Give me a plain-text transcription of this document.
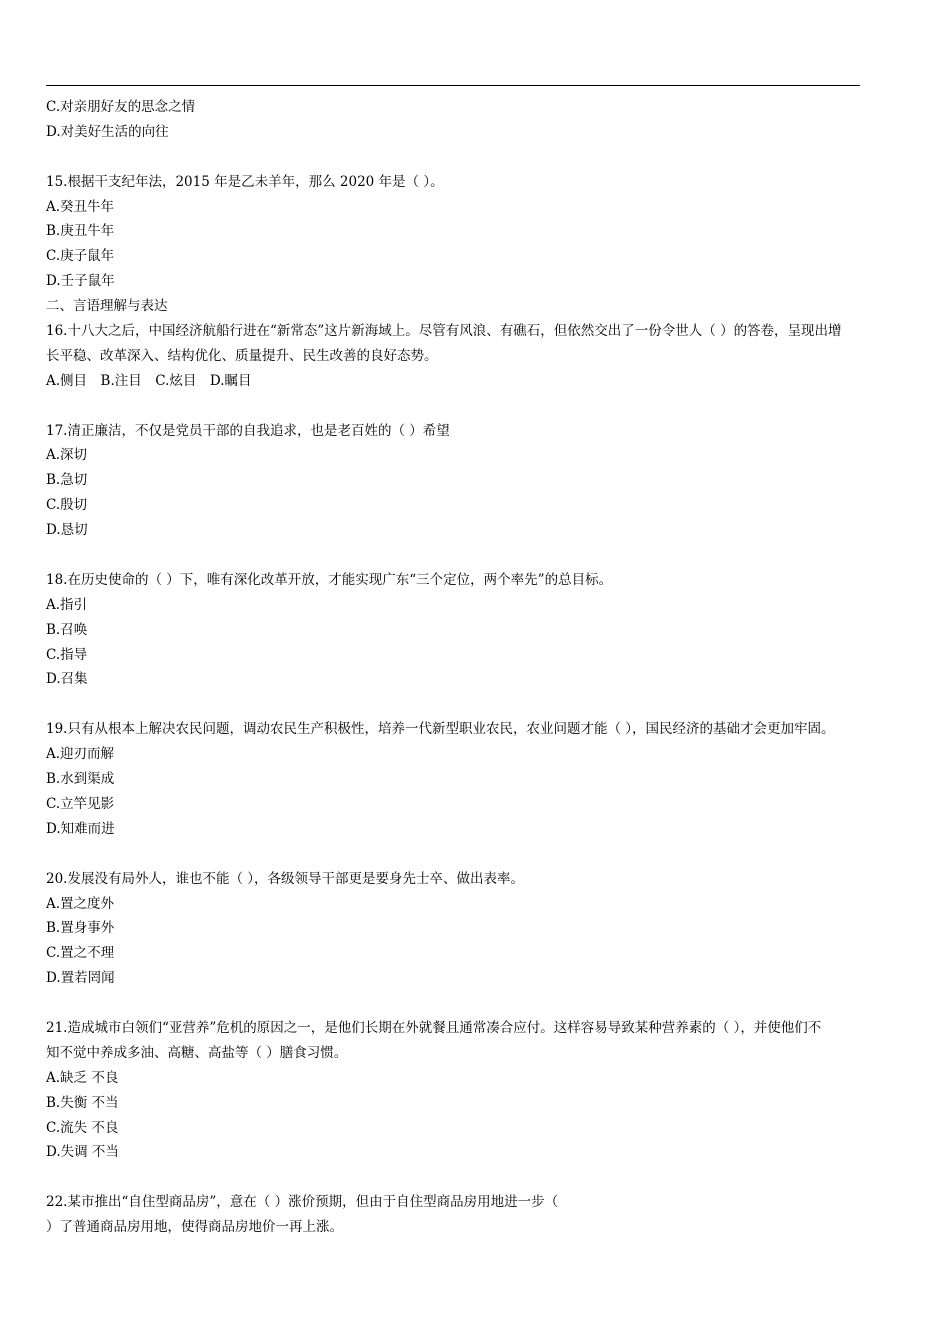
C.对亲朋好友的思念之情
D.对美好生活的向往
15.根据干支纪年法，2015 年是乙未羊年，那么 2020 年是（ ）。
A.癸丑牛年
B.庚丑牛年
C.庚子鼠年
D.壬子鼠年
二、言语理解与表达
16.十八大之后，中国经济航船行进在“新常态”这片新海域上。尽管有风浪、有礁石，但依然交出了一份令世人（ ）的答卷，呈现出增
长平稳、改革深入、结构优化、质量提升、民生改善的良好态势。
A.侧目　B.注目　C.炫目　D.瞩目
17.清正廉洁，不仅是党员干部的自我追求，也是老百姓的（ ）希望
A.深切
B.急切
C.殷切
D.恳切
18.在历史使命的（ ）下，唯有深化改革开放，才能实现广东“三个定位，两个率先”的总目标。
A.指引
B.召唤
C.指导
D.召集
19.只有从根本上解决农民问题，调动农民生产积极性，培养一代新型职业农民，农业问题才能（ ），国民经济的基础才会更加牢固。
A.迎刃而解
B.水到渠成
C.立竿见影
D.知难而进
20.发展没有局外人，谁也不能（ ），各级领导干部更是要身先士卒、做出表率。
A.置之度外
B.置身事外
C.置之不理
D.置若罔闻
21.造成城市白领们“亚营养”危机的原因之一，是他们长期在外就餐且通常凑合应付。这样容易导致某种营养素的（ ），并使他们不
知不觉中养成多油、高糖、高盐等（ ）膳食习惯。
A.缺乏 不良
B.失衡 不当
C.流失 不良
D.失调 不当
22.某市推出“自住型商品房”，意在（ ）涨价预期，但由于自住型商品房用地进一步（
）了普通商品房用地，使得商品房地价一再上涨。
